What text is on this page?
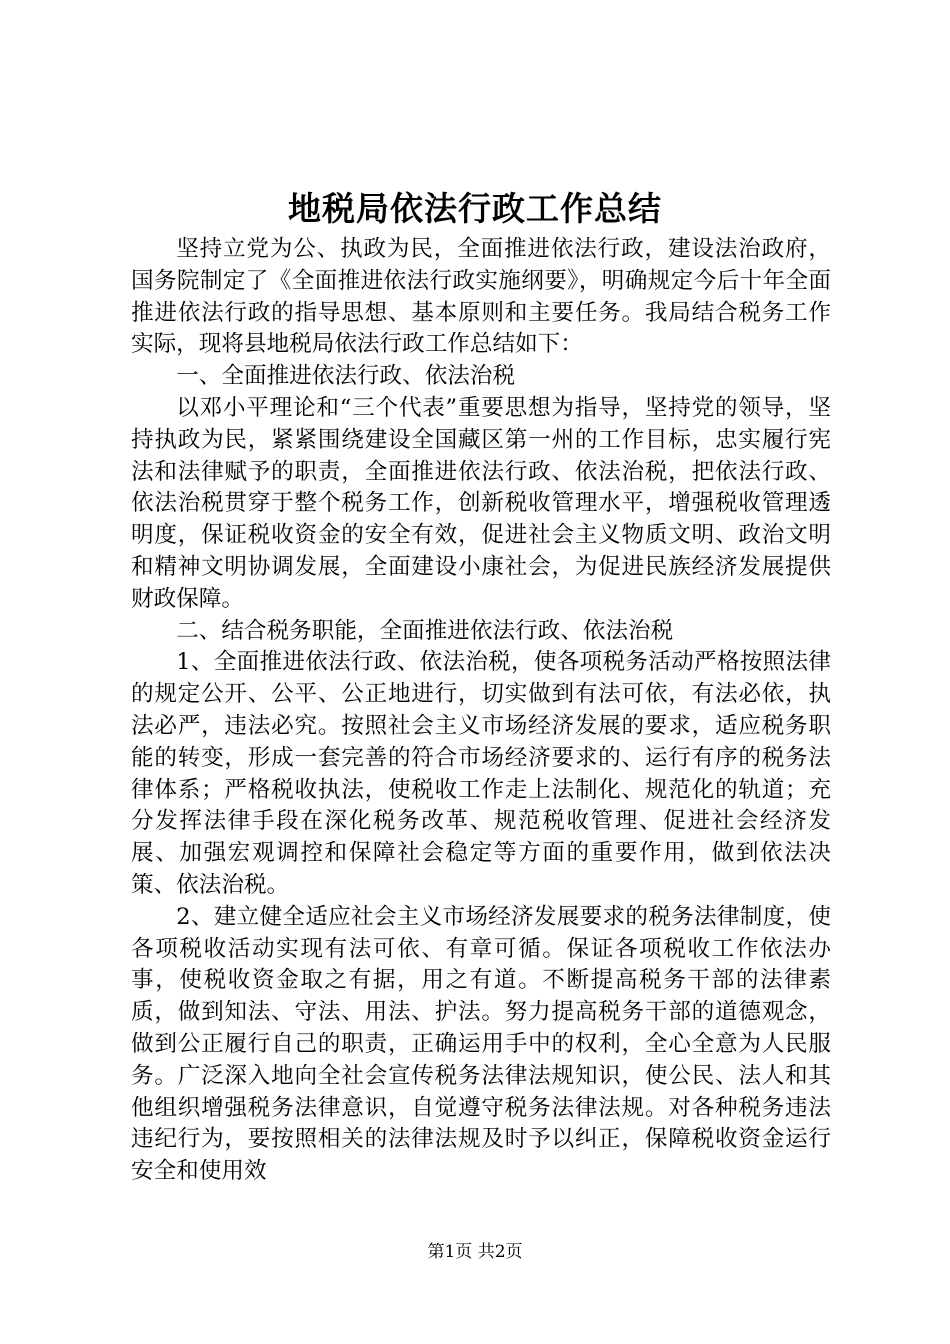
地税局依法行政工作总结

坚持立党为公、执政为民，全面推进依法行政，建设法治政府，国务院制定了《全面推进依法行政实施纲要》，明确规定今后十年全面推进依法行政的指导思想、基本原则和主要任务。我局结合税务工作实际，现将县地税局依法行政工作总结如下：

一、全面推进依法行政、依法治税

以邓小平理论和“三个代表”重要思想为指导，坚持党的领导，坚持执政为民，紧紧围绕建设全国藏区第一州的工作目标，忠实履行宪法和法律赋予的职责，全面推进依法行政、依法治税，把依法行政、依法治税贯穿于整个税务工作，创新税收管理水平，增强税收管理透明度，保证税收资金的安全有效，促进社会主义物质文明、政治文明和精神文明协调发展，全面建设小康社会，为促进民族经济发展提供财政保障。

二、结合税务职能，全面推进依法行政、依法治税

1、全面推进依法行政、依法治税，使各项税务活动严格按照法律的规定公开、公平、公正地进行，切实做到有法可依，有法必依，执法必严，违法必究。按照社会主义市场经济发展的要求，适应税务职能的转变，形成一套完善的符合市场经济要求的、运行有序的税务法律体系；严格税收执法，使税收工作走上法制化、规范化的轨道；充分发挥法律手段在深化税务改革、规范税收管理、促进社会经济发展、加强宏观调控和保障社会稳定等方面的重要作用，做到依法决策、依法治税。

2、建立健全适应社会主义市场经济发展要求的税务法律制度，使各项税收活动实现有法可依、有章可循。保证各项税收工作依法办事，使税收资金取之有据，用之有道。不断提高税务干部的法律素质，做到知法、守法、用法、护法。努力提高税务干部的道德观念，做到公正履行自己的职责，正确运用手中的权利，全心全意为人民服务。广泛深入地向全社会宣传税务法律法规知识，使公民、法人和其他组织增强税务法律意识，自觉遵守税务法律法规。对各种税务违法违纪行为，要按照相关的法律法规及时予以纠正，保障税收资金运行安全和使用效

第1页 共2页
